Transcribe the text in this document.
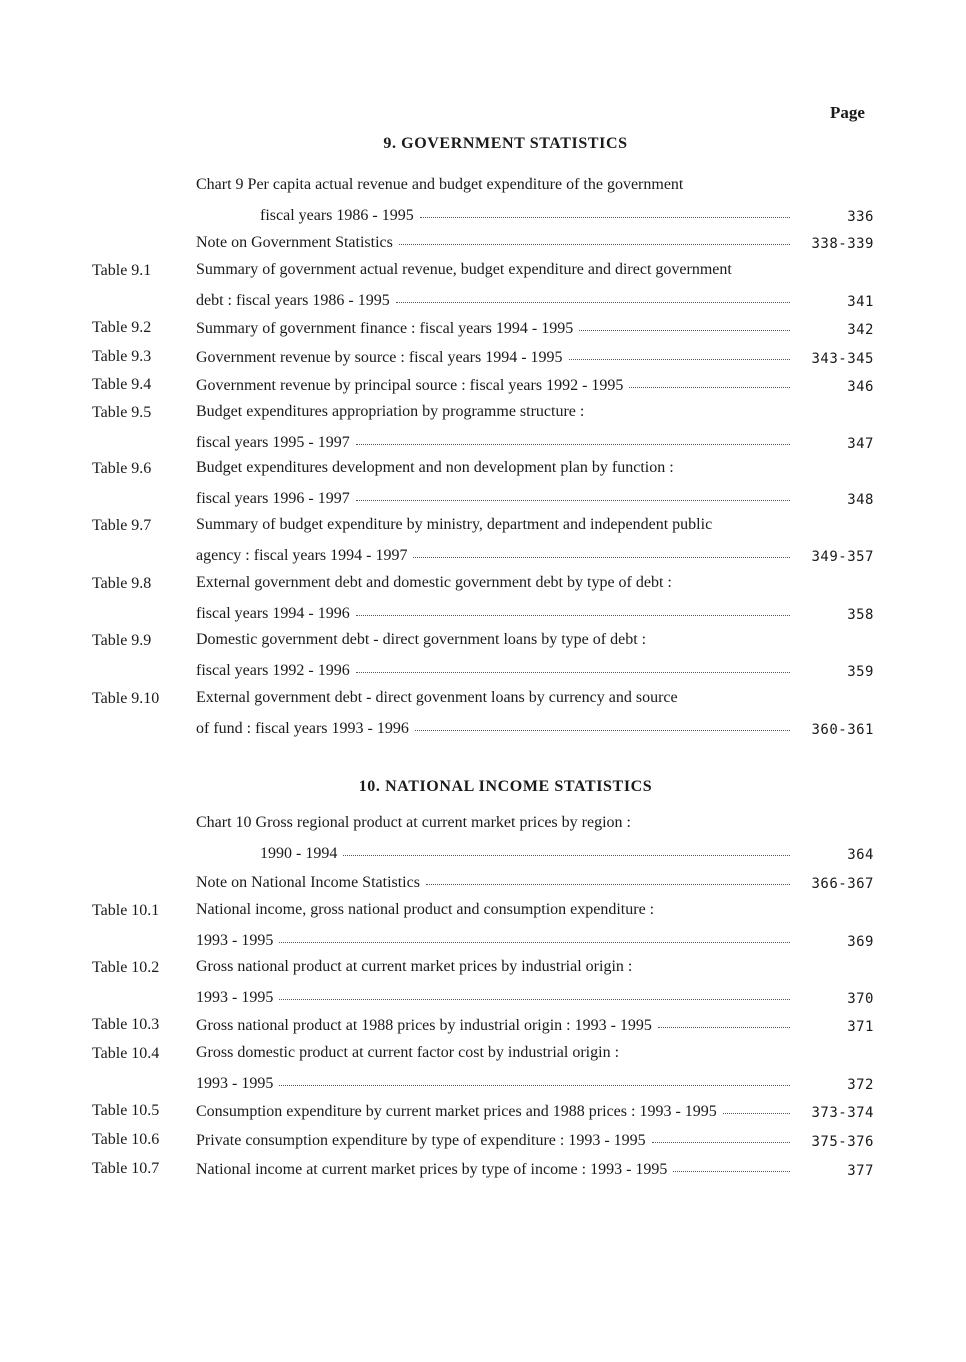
Page
9. GOVERNMENT STATISTICS
Chart 9 Per capita actual revenue and budget expenditure of the government
fiscal years 1986 - 1995	336
Note on Government Statistics	338-339
Table 9.1	Summary of government actual revenue, budget expenditure and direct government
debt : fiscal years 1986 - 1995	341
Table 9.2	Summary of government finance : fiscal years 1994 - 1995	342
Table 9.3	Government revenue by source : fiscal years 1994 - 1995	343-345
Table 9.4	Government revenue by principal source : fiscal years 1992 - 1995	346
Table 9.5	Budget expenditures appropriation by programme structure :
fiscal years 1995 - 1997	347
Table 9.6	Budget expenditures development and non development plan by function :
fiscal years 1996 - 1997	348
Table 9.7	Summary of budget expenditure by ministry, department and independent public
agency : fiscal years 1994 - 1997	349-357
Table 9.8	External government debt and domestic government debt by type of debt :
fiscal years 1994 - 1996	358
Table 9.9	Domestic government debt - direct government loans by type of debt :
fiscal years 1992 - 1996	359
Table 9.10 External government debt - direct govenment loans by currency and source
of fund : fiscal years 1993 - 1996	360-361
10. NATIONAL INCOME STATISTICS
Chart 10 Gross regional product at current market prices by region :
1990 - 1994	364
Note on National Income Statistics	366-367
Table 10.1 National income, gross national product and consumption expenditure :
1993 - 1995	369
Table 10.2 Gross national product at current market prices by industrial origin :
1993 - 1995	370
Table 10.3 Gross national product at 1988 prices by industrial origin : 1993 - 1995	371
Table 10.4 Gross domestic product at current factor cost by industrial origin :
1993 - 1995	372
Table 10.5 Consumption expenditure by current market prices and 1988 prices : 1993 - 1995	373-374
Table 10.6 Private consumption expenditure by type of expenditure : 1993 - 1995	375-376
Table 10.7 National income at current market prices by type of income : 1993 - 1995	377
